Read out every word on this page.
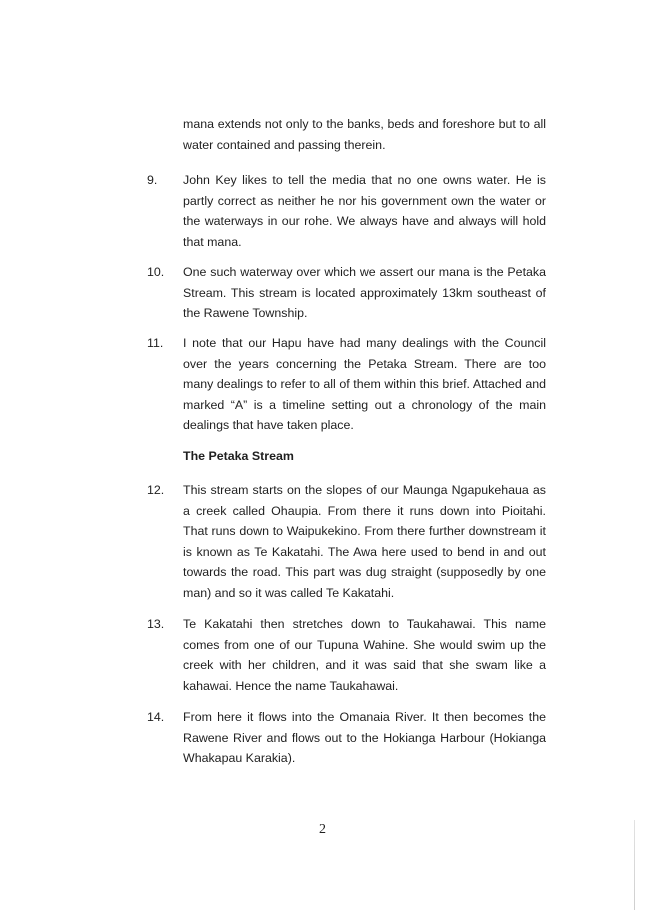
mana extends not only to the banks, beds and foreshore but to all water contained and passing therein.
9. John Key likes to tell the media that no one owns water. He is partly correct as neither he nor his government own the water or the waterways in our rohe. We always have and always will hold that mana.
10. One such waterway over which we assert our mana is the Petaka Stream. This stream is located approximately 13km southeast of the Rawene Township.
11. I note that our Hapu have had many dealings with the Council over the years concerning the Petaka Stream. There are too many dealings to refer to all of them within this brief. Attached and marked “A” is a timeline setting out a chronology of the main dealings that have taken place.
The Petaka Stream
12. This stream starts on the slopes of our Maunga Ngapukehaua as a creek called Ohaupia. From there it runs down into Pioitahi. That runs down to Waipukekino. From there further downstream it is known as Te Kakatahi. The Awa here used to bend in and out towards the road. This part was dug straight (supposedly by one man) and so it was called Te Kakatahi.
13. Te Kakatahi then stretches down to Taukahawai. This name comes from one of our Tupuna Wahine. She would swim up the creek with her children, and it was said that she swam like a kahawai. Hence the name Taukahawai.
14. From here it flows into the Omanaia River. It then becomes the Rawene River and flows out to the Hokianga Harbour (Hokianga Whakapau Karakia).
2
